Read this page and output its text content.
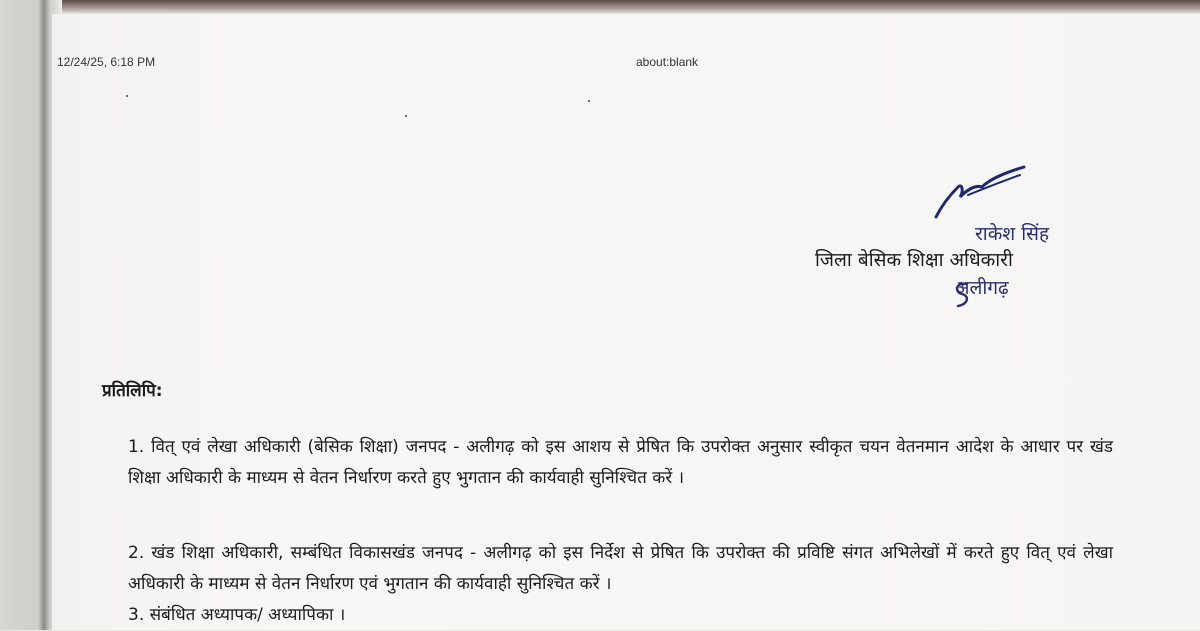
12/24/25, 6:18 PM	about:blank
राकेश सिंह
जिला बेसिक शिक्षा अधिकारी
अलीगढ़
प्रतिलिपि:
1. वित् एवं लेखा अधिकारी (बेसिक शिक्षा) जनपद - अलीगढ़ को इस आशय से प्रेषित कि उपरोक्त अनुसार स्वीकृत चयन वेतनमान आदेश के आधार पर खंड शिक्षा अधिकारी के माध्यम से वेतन निर्धारण करते हुए भुगतान की कार्यवाही सुनिश्चित करें ।
2. खंड शिक्षा अधिकारी, सम्बंधित विकासखंड जनपद - अलीगढ़ को इस निर्देश से प्रेषित कि उपरोक्त की प्रविष्टि संगत अभिलेखों में करते हुए वित् एवं लेखा अधिकारी के माध्यम से वेतन निर्धारण एवं भुगतान की कार्यवाही सुनिश्चित करें ।
3. संबंधित अध्यापक/ अध्यापिका ।
